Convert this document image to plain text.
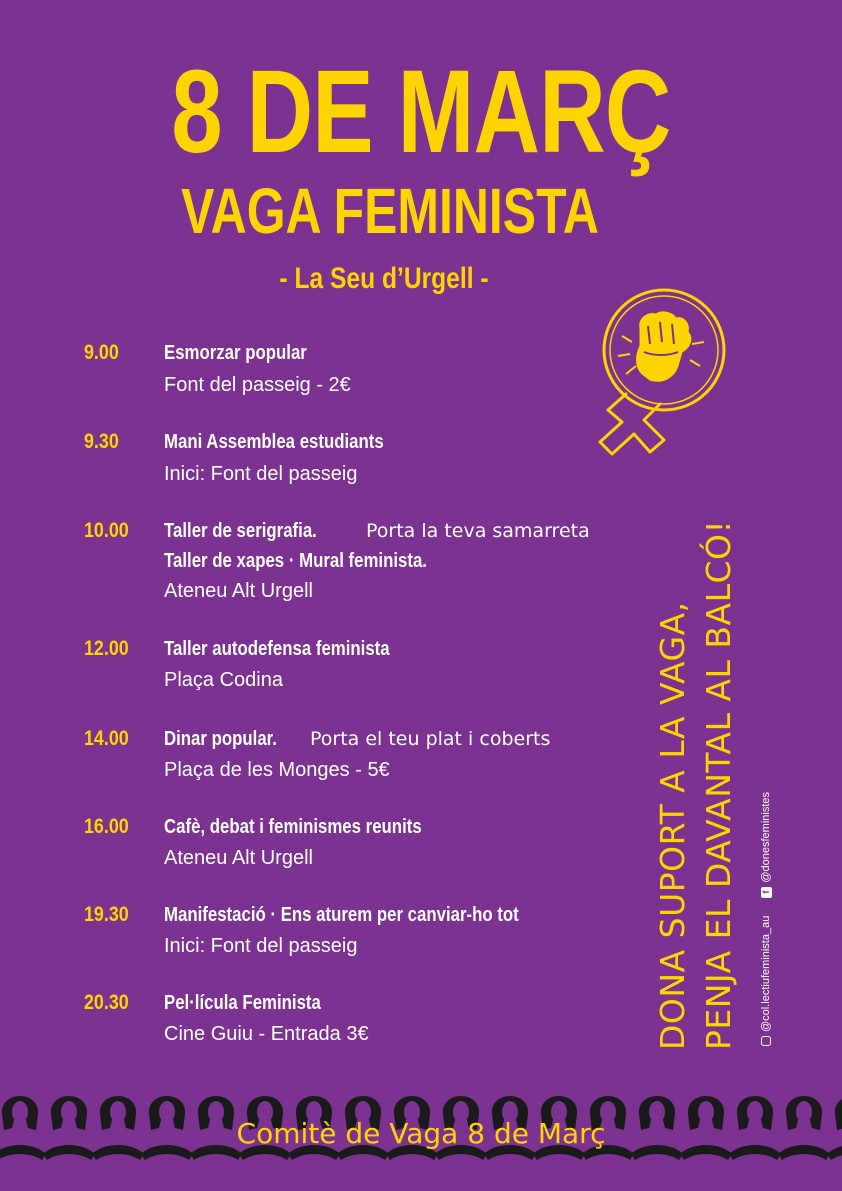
8 DE MARÇ
VAGA FEMINISTA
- La Seu d’Urgell -
9.00 Esmorzar popular
Font del passeig - 2€
9.30 Mani Assemblea estudiants
Inici: Font del passeig
10.00 Taller de serigrafia.	Porta la teva samarreta
Taller de xapes · Mural feminista.
Ateneu Alt Urgell
12.00 Taller autodefensa feminista
Plaça Codina
14.00 Dinar popular. Porta el teu plat i coberts
Plaça de les Monges - 5€
16.00 Cafè, debat i feminismes reunits
Ateneu Alt Urgell
19.30 Manifestació · Ens aturem per canviar-ho tot
Inici: Font del passeig
20.30 Pel·lícula Feminista
Cine Guiu - Entrada 3€	DONA SUPORT A LA VAGA, PENJA EL DAVANTAL AL BALCÓ!	@col.lectiufeminista_au
f
@donesfeministes
Comitè de Vaga 8 de Març
